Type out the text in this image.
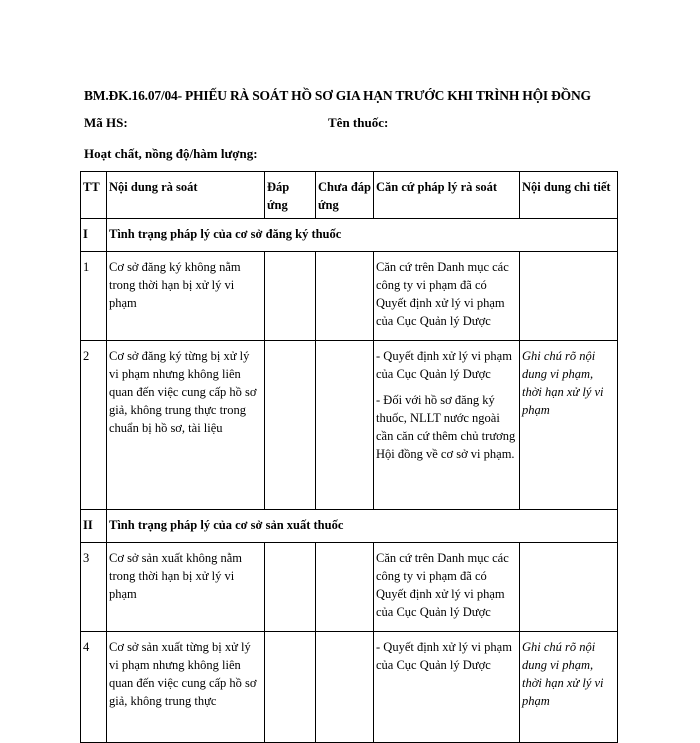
BM.ĐK.16.07/04- PHIẾU RÀ SOÁT HỒ SƠ GIA HẠN TRƯỚC KHI TRÌNH HỘI ĐỒNG
Mã HS:	Tên thuốc:
Hoạt chất, nồng độ/hàm lượng:
TT	Nội dung rà soát	Đáp ứng	Chưa đáp ứng	Căn cứ pháp lý rà soát	Nội dung chi tiết
I	Tình trạng pháp lý của cơ sở đăng ký thuốc				
1	Cơ sở đăng ký không nằm trong thời hạn bị xử lý vi phạm			Căn cứ trên Danh mục các công ty vi phạm đã có Quyết định xử lý vi phạm của Cục Quản lý Dược	

2	Cơ sở đăng ký từng bị xử lý vi phạm nhưng không liên quan đến việc cung cấp hồ sơ giả, không trung thực trong chuẩn bị hồ sơ, tài liệu			- Quyết định xử lý vi phạm của Cục Quản lý Dược
- Đối với hồ sơ đăng ký thuốc, NLLT nước ngoài cần căn cứ thêm chủ trương Hội đồng về cơ sở vi phạm.	Ghi chú rõ nội dung vi phạm, thời hạn xử lý vi phạm
II	Tình trạng pháp lý của cơ sở sản xuất thuốc				
3	Cơ sở sản xuất không nằm trong thời hạn bị xử lý vi phạm			Căn cứ trên Danh mục các công ty vi phạm đã có Quyết định xử lý vi phạm của Cục Quản lý Dược	

4	Cơ sở sản xuất từng bị xử lý vi phạm nhưng không liên quan đến việc cung cấp hồ sơ giả, không trung thực			- Quyết định xử lý vi phạm của Cục Quản lý Dược	Ghi chú rõ nội dung vi phạm, thời hạn xử lý vi phạm
